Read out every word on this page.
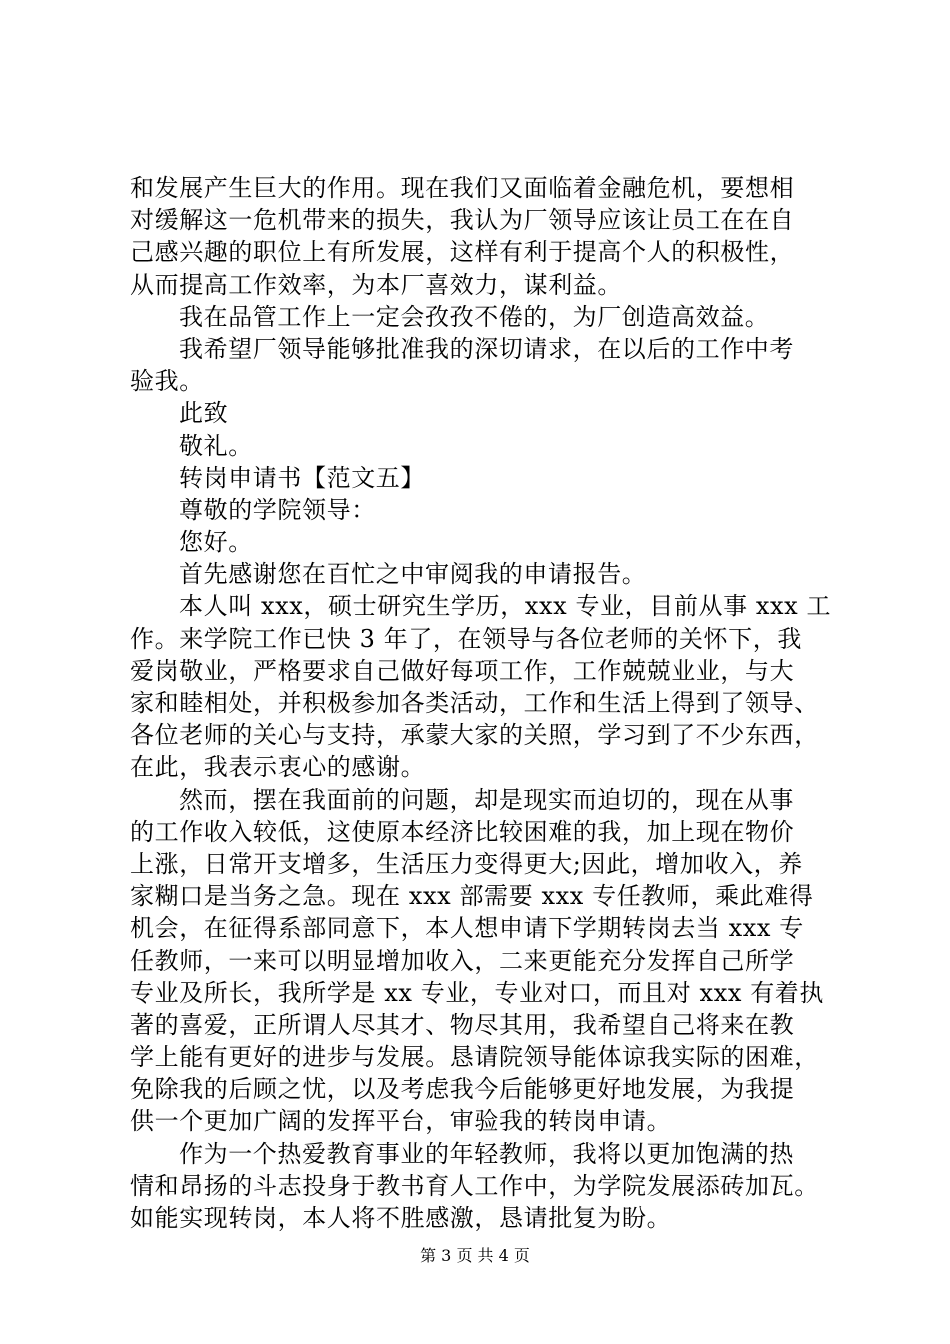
和发展产生巨大的作用。现在我们又面临着金融危机，要想相
对缓解这一危机带来的损失，我认为厂领导应该让员工在在自
己感兴趣的职位上有所发展，这样有利于提高个人的积极性，
从而提高工作效率，为本厂喜效力，谋利益。
我在品管工作上一定会孜孜不倦的，为厂创造高效益。
我希望厂领导能够批准我的深切请求，在以后的工作中考
验我。
此致
敬礼。
转岗申请书【范文五】
尊敬的学院领导：
您好。
首先感谢您在百忙之中审阅我的申请报告。
本人叫 xxx，硕士研究生学历，xxx 专业，目前从事 xxx 工
作。来学院工作已快 3 年了，在领导与各位老师的关怀下，我
爱岗敬业，严格要求自己做好每项工作，工作兢兢业业，与大
家和睦相处，并积极参加各类活动，工作和生活上得到了领导、
各位老师的关心与支持，承蒙大家的关照，学习到了不少东西，
在此，我表示衷心的感谢。
然而，摆在我面前的问题，却是现实而迫切的，现在从事
的工作收入较低，这使原本经济比较困难的我，加上现在物价
上涨，日常开支增多，生活压力变得更大;因此，增加收入，养
家糊口是当务之急。现在 xxx 部需要 xxx 专任教师，乘此难得
机会，在征得系部同意下，本人想申请下学期转岗去当 xxx 专
任教师，一来可以明显增加收入，二来更能充分发挥自己所学
专业及所长，我所学是 xx 专业，专业对口，而且对 xxx 有着执
著的喜爱，正所谓人尽其才、物尽其用，我希望自己将来在教
学上能有更好的进步与发展。恳请院领导能体谅我实际的困难，
免除我的后顾之忧，以及考虑我今后能够更好地发展，为我提
供一个更加广阔的发挥平台，审验我的转岗申请。
作为一个热爱教育事业的年轻教师，我将以更加饱满的热
情和昂扬的斗志投身于教书育人工作中，为学院发展添砖加瓦。
如能实现转岗，本人将不胜感激，恳请批复为盼。
第 3 页 共 4 页
